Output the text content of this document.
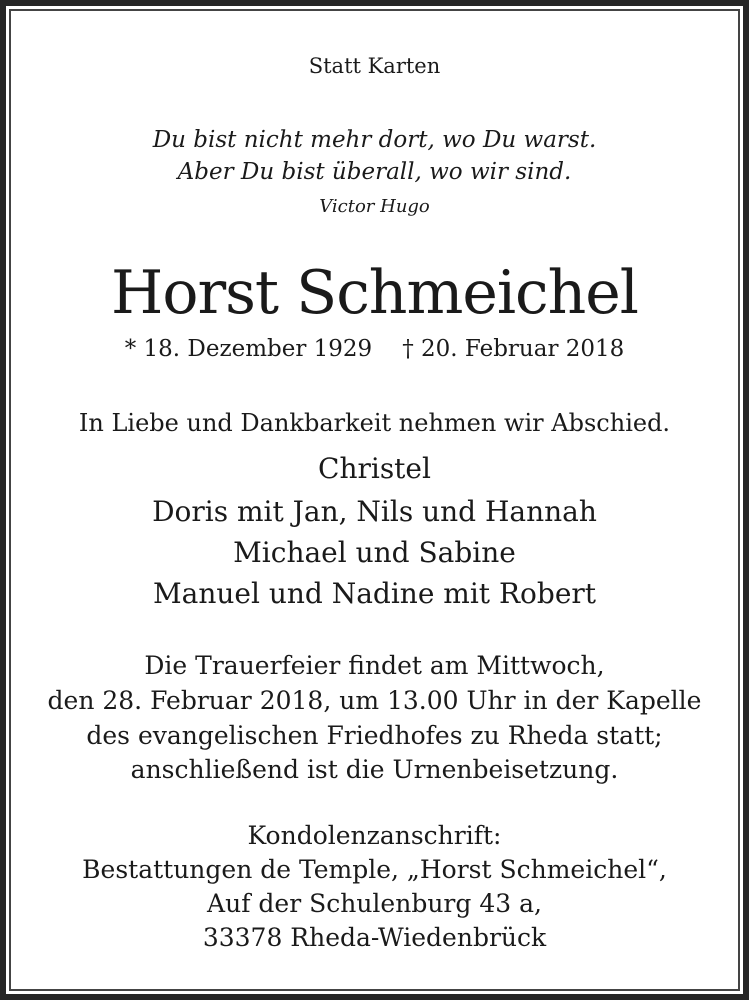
Statt Karten
Du bist nicht mehr dort, wo Du warst.
Aber Du bist überall, wo wir sind.
Victor Hugo
Horst Schmeichel
* 18. Dezember 1929 † 20. Februar 2018
In Liebe und Dankbarkeit nehmen wir Abschied.
Christel
Doris mit Jan, Nils und Hannah
Michael und Sabine
Manuel und Nadine mit Robert
Die Trauerfeier findet am Mittwoch,
den 28. Februar 2018, um 13.00 Uhr in der Kapelle
des evangelischen Friedhofes zu Rheda statt;
anschließend ist die Urnenbeisetzung.
Kondolenzanschrift:
Bestattungen de Temple, „Horst Schmeichel“,
Auf der Schulenburg 43 a,
33378 Rheda-Wiedenbrück
